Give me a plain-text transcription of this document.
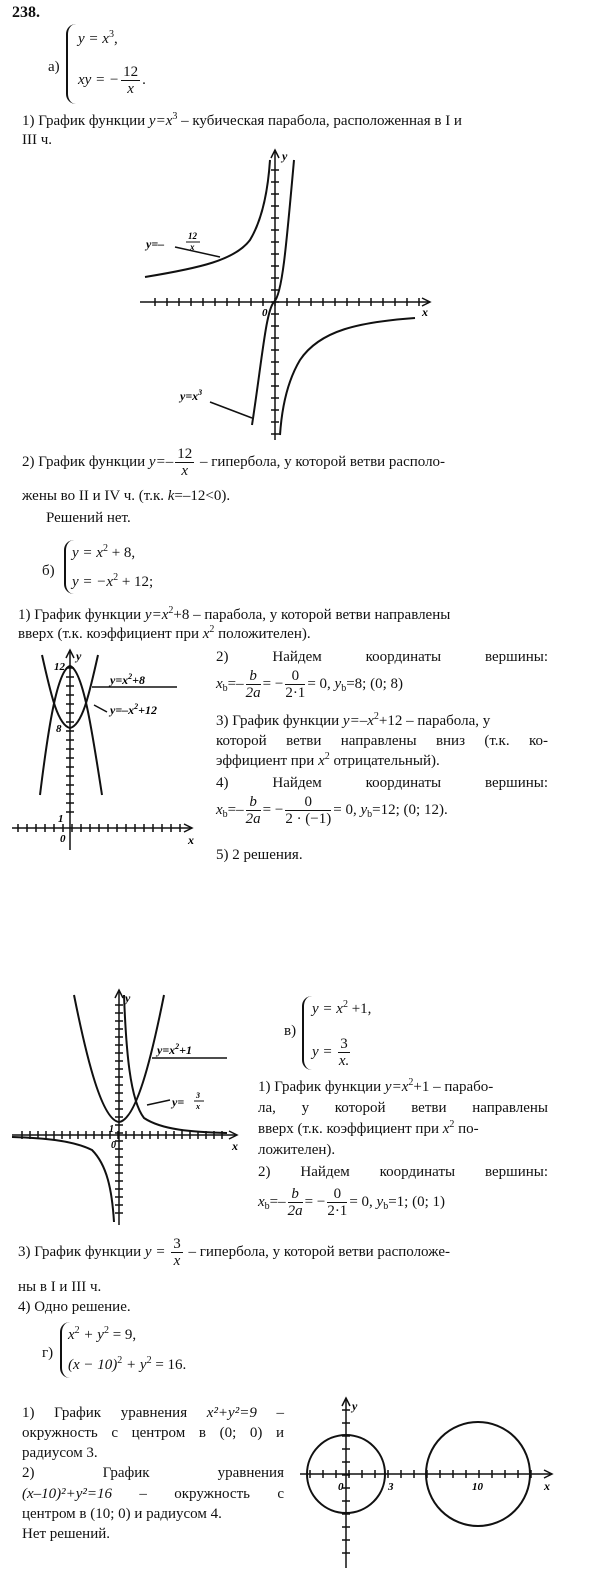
238.
а)
$y = x^3$,
xy = − $\frac{12}{x}$ .
1) График функции $y=x^3$ – кубическая парабола, расположенная в I и
III ч.
y=–
12
x
$y=x^3$
y
x
0
2) График функции $y=- \frac{12}{x}$ – гипербола, у которой ветви располо-
жены во II и IV ч. (т.к. k=–12<0).
Решений нет.
б)
$y = x^2 + 8$,
$y = -x^2 + 12$;
1) График функции $y=x^2+8$ – парабола, у которой ветви направлены
вверх (т.к. коэффициент при $x^2$ положителен).
$y=x^2+8$
$y=-x^2+12$
12
8
1
0
y
x
2)	Найдем	координаты	вершины:
$x_b=- \frac{b}{2a}$ = − $\frac{0}{2\cdot 1} = 0$, $y_b=8$; (0; 8)
3) График функции $y=-x^2+12$ – парабола, у
которой ветви направлены вниз (т.к. ко-
эффициент при $x^2$ отрицательный).
4)	Найдем	координаты	вершины:
$x_b=- \frac{b}{2a}$ = − $\frac{0}{2 \cdot (-1)} = 0$, $y_b=12$; (0; 12).
5) 2 решения.
$y=x^2+1$
y= 3
x
1
0
y
x
в)
$y = x^2 +1$,
$y = \frac{3}{x.}$
1) График функции $y=x^2+1$ – парабо-
ла, у которой ветви направлены
вверх (т.к. коэффициент при $x^2$ по-
ложителен).
2) Найдем координаты вершины:
$x_b=- \frac{b}{2a}$ = − $\frac{0}{2\cdot 1} = 0$, $y_b=1$; (0; 1)
3) График функции $y = \frac{3}{x}$ – гипербола, у которой ветви расположе-
ны в I и III ч.
4) Одно решение.
г)
$x^2 + y^2 = 9$,
$(x - 10)^2 + y^2 = 16$.
1) График уравнения x²+y²=9 –
окружность с центром в (0; 0) и
радиусом 3.
2)	График	уравнения
(x–10)²+y²=16 – окружность с
центром в (10; 0) и радиусом 4.
Нет решений.
0	3	10
y
x
